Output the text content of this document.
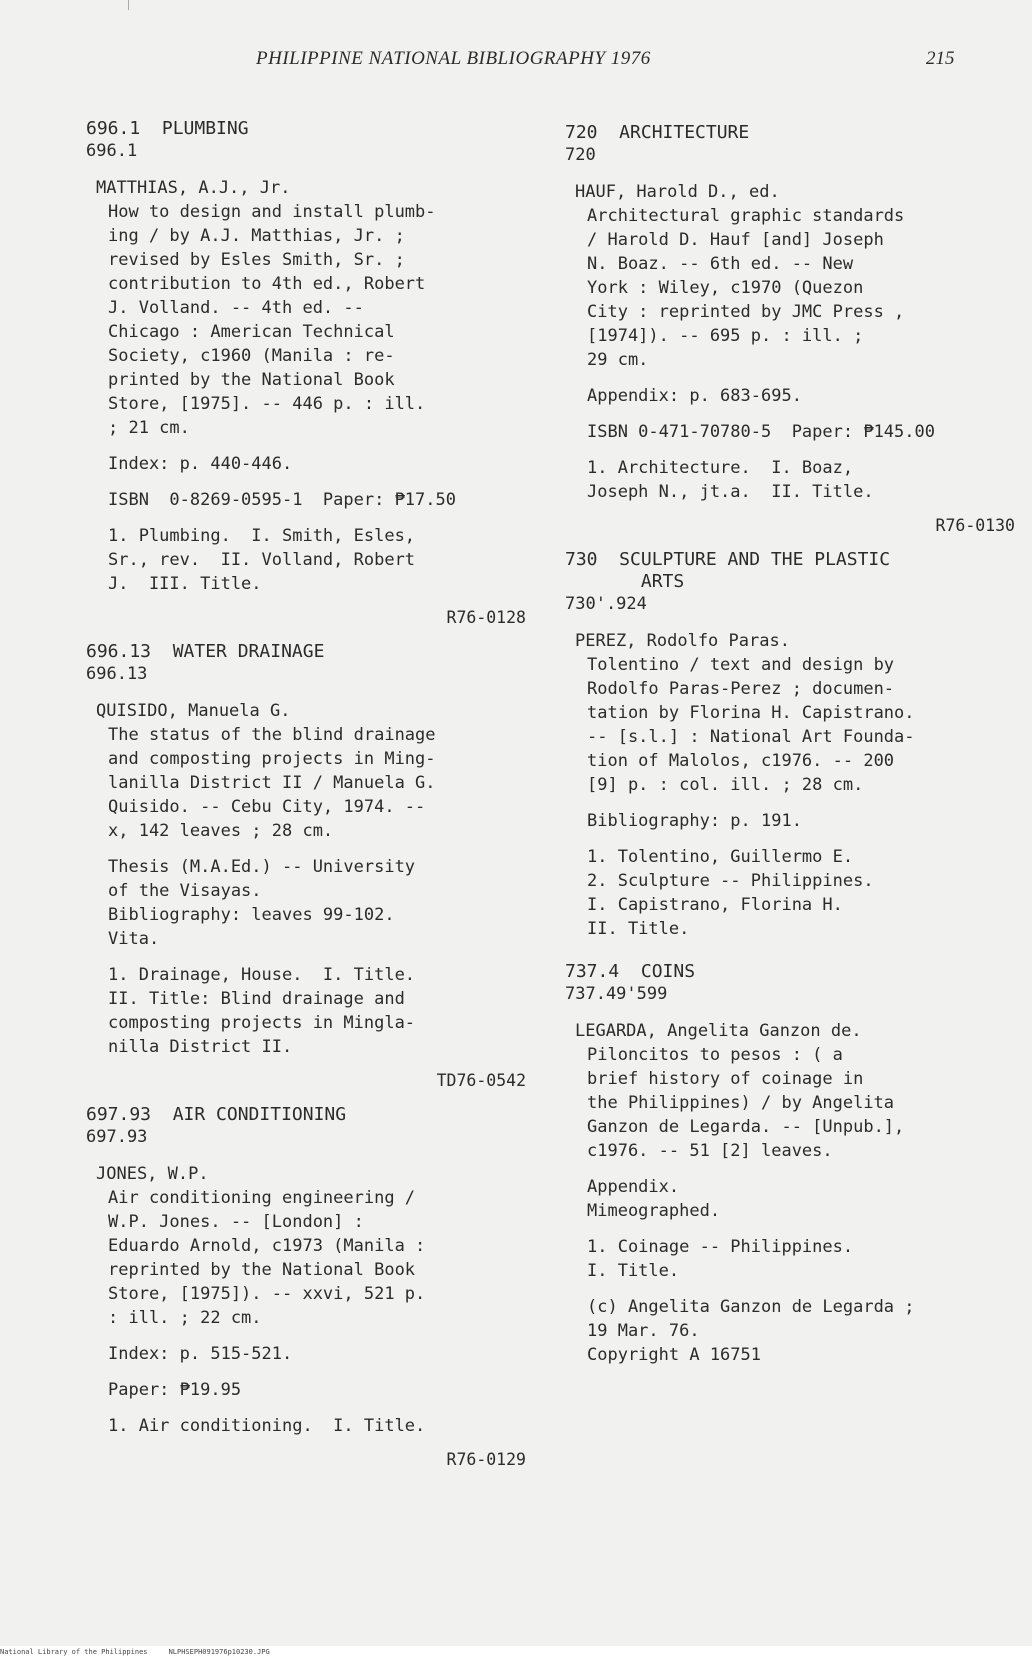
PHILIPPINE NATIONAL BIBLIOGRAPHY 1976	215
696.1  PLUMBING
696.1
MATTHIAS, A.J., Jr.
How to design and install plumb-
ing / by A.J. Matthias, Jr. ;
revised by Esles Smith, Sr. ;
contribution to 4th ed., Robert
J. Volland. -- 4th ed. --
Chicago : American Technical
Society, c1960 (Manila : re-
printed by the National Book
Store, [1975]. -- 446 p. : ill.
; 21 cm.
Index: p. 440-446.
ISBN  0-8269-0595-1  Paper: ₱17.50
1. Plumbing.  I. Smith, Esles,
Sr., rev.  II. Volland, Robert
J.  III. Title.
R76-0128
696.13  WATER DRAINAGE
696.13
QUISIDO, Manuela G.
The status of the blind drainage
and composting projects in Ming-
lanilla District II / Manuela G.
Quisido. -- Cebu City, 1974. --
x, 142 leaves ; 28 cm.
Thesis (M.A.Ed.) -- University
of the Visayas.
Bibliography: leaves 99-102.
Vita.
1. Drainage, House.  I. Title.
II. Title: Blind drainage and
composting projects in Mingla-
nilla District II.
TD76-0542
697.93  AIR CONDITIONING
697.93
JONES, W.P.
Air conditioning engineering /
W.P. Jones. -- [London] :
Eduardo Arnold, c1973 (Manila :
reprinted by the National Book
Store, [1975]). -- xxvi, 521 p.
: ill. ; 22 cm.
Index: p. 515-521.
Paper: ₱19.95
1. Air conditioning.  I. Title.
R76-0129
720  ARCHITECTURE
720
HAUF, Harold D., ed.
Architectural graphic standards
/ Harold D. Hauf [and] Joseph
N. Boaz. -- 6th ed. -- New
York : Wiley, c1970 (Quezon
City : reprinted by JMC Press ,
[1974]). -- 695 p. : ill. ;
29 cm.
Appendix: p. 683-695.
ISBN 0-471-70780-5  Paper: ₱145.00
1. Architecture.  I. Boaz,
Joseph N., jt.a.  II. Title.
R76-0130
730  SCULPTURE AND THE PLASTIC
ARTS
730'.924
PEREZ, Rodolfo Paras.
Tolentino / text and design by
Rodolfo Paras-Perez ; documen-
tation by Florina H. Capistrano.
-- [s.l.] : National Art Founda-
tion of Malolos, c1976. -- 200
[9] p. : col. ill. ; 28 cm.
Bibliography: p. 191.
1. Tolentino, Guillermo E.
2. Sculpture -- Philippines.
I. Capistrano, Florina H.
II. Title.
737.4  COINS
737.49'599
LEGARDA, Angelita Ganzon de.
Piloncitos to pesos : ( a
brief history of coinage in
the Philippines) / by Angelita
Ganzon de Legarda. -- [Unpub.],
c1976. -- 51 [2] leaves.
Appendix.
Mimeographed.
1. Coinage -- Philippines.
I. Title.
(c) Angelita Ganzon de Legarda ;
19 Mar. 76.
Copyright A 16751
National Library of the Philippines     NLPHSEPH091976p10230.JPG
